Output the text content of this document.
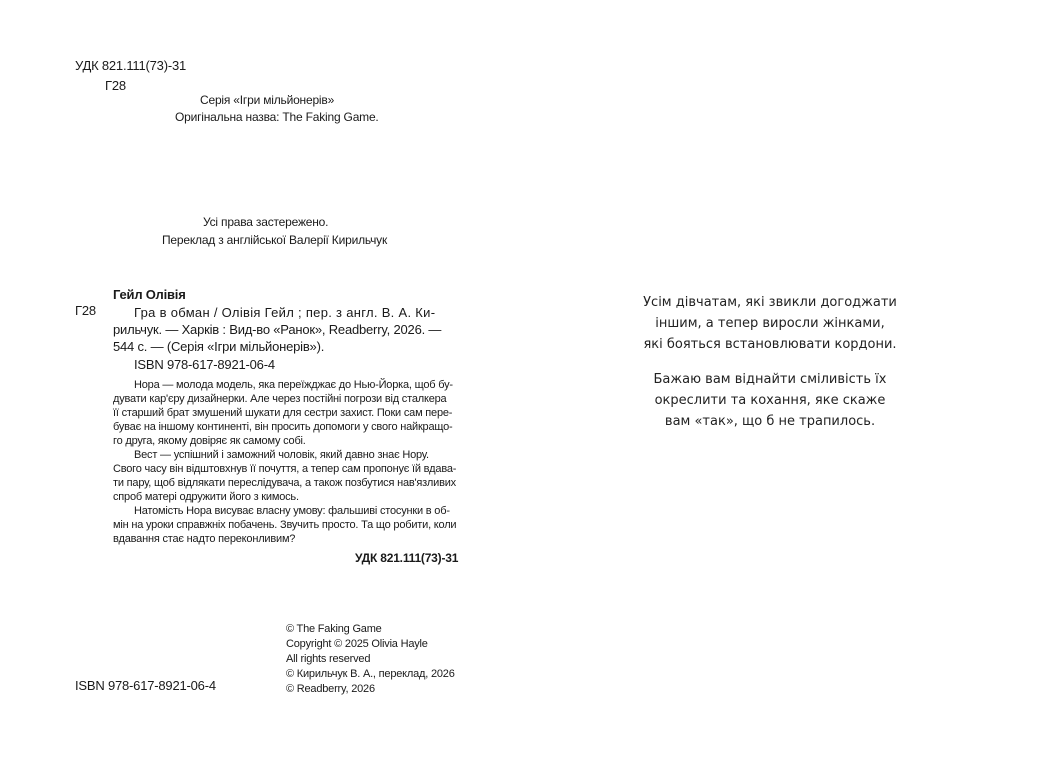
УДК 821.111(73)-31
Г28
Серія «Ігри мільйонерів»
Оригінальна назва: The Faking Game.
Усі права застережено.
Переклад з англійської Валерії Кирильчук
Гейл Олівія
Г28	Гра в обман / Олівія Гейл ; пер. з англ. В. А. Ки-
рильчук. — Харків : Вид-во «Ранок», Readberry, 2026. —
544 с. — (Серія «Ігри мільйонерів»).
ISBN 978-617-8921-06-4
Нора — молода модель, яка переїжджає до Нью-Йорка, щоб бу-
дувати кар'єру дизайнерки. Але через постійні погрози від сталкера
її старший брат змушений шукати для сестри захист. Поки сам пере-
буває на іншому континенті, він просить допомоги у свого найкращо-
го друга, якому довіряє як самому собі.
Вест — успішний і заможний чоловік, який давно знає Нору.
Свого часу він відштовхнув її почуття, а тепер сам пропонує їй вдава-
ти пару, щоб відлякати переслідувача, а також позбутися нав'язливих
спроб матері одружити його з кимось.
Натомість Нора висуває власну умову: фальшиві стосунки в об-
мін на уроки справжніх побачень. Звучить просто. Та що робити, коли
вдавання стає надто переконливим?
УДК 821.111(73)-31
ISBN 978-617-8921-06-4
© The Faking Game
Copyright © 2025 Olivia Hayle
All rights reserved
© Кирильчук В. А., переклад, 2026
© Readberry, 2026
Усім дівчатам, які звикли догоджати
іншим, а тепер виросли жінками,
які бояться встановлювати кордони.
Бажаю вам віднайти сміливість їх
окреслити та кохання, яке скаже
вам «так», що б не трапилось.
